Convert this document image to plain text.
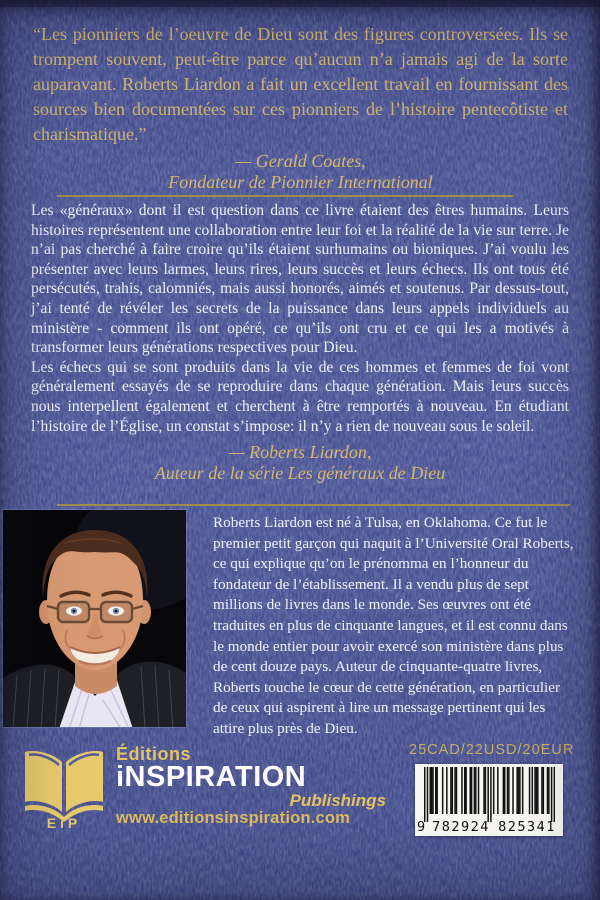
“Les pionniers de l’oeuvre de Dieu sont des figures controversées. Ils se trompent souvent, peut-être parce qu’aucun n’a jamais agi de la sorte auparavant. Roberts Liardon a fait un excellent travail en fournissant des sources bien documentées sur ces pionniers de l’histoire pentecôtiste et charismatique.”

— Gerald Coates,

Fondateur de Pionnier International

Les «généraux» dont il est question dans ce livre étaient des êtres humains. Leurs histoires représentent une collaboration entre leur foi et la réalité de la vie sur terre. Je n’ai pas cherché à faire croire qu’ils étaient surhumains ou bioniques. J’ai voulu les présenter avec leurs larmes, leurs rires, leurs succès et leurs échecs. Ils ont tous été persécutés, trahis, calomniés, mais aussi honorés, aimés et soutenus. Par dessus-tout, j’ai tenté de révéler les secrets de la puissance dans leurs appels individuels au ministère - comment ils ont opéré, ce qu’ils ont cru et ce qui les a motivés à transformer leurs générations respectives pour Dieu.

Les échecs qui se sont produits dans la vie de ces hommes et femmes de foi vont généralement essayés de se reproduire dans chaque génération. Mais leurs succès nous interpellent également et cherchent à être remportés à nouveau. En étudiant l’histoire de l’Église, un constat s’impose: il n’y a rien de nouveau sous le soleil.

— Roberts Liardon,

Auteur de la série Les généraux de Dieu

Roberts Liardon est né à Tulsa, en Oklahoma. Ce fut le premier petit garçon qui naquit à l’Université Oral Roberts, ce qui explique qu’on le prénomma en l’honneur du fondateur de l’établissement. Il a vendu plus de sept millions de livres dans le monde. Ses œuvres ont été traduites en plus de cinquante langues, et il est connu dans le monde entier pour avoir exercé son ministère dans plus de cent douze pays. Auteur de cinquante-quatre livres, Roberts touche le cœur de cette génération, en particulier de ceux qui aspirent à lire un message pertinent qui les attire plus près de Dieu.

EiP
Éditions
iNSPIRATION
Publishings
www.editionsinspiration.com
25CAD/22USD/20EUR
9 782924 825341
